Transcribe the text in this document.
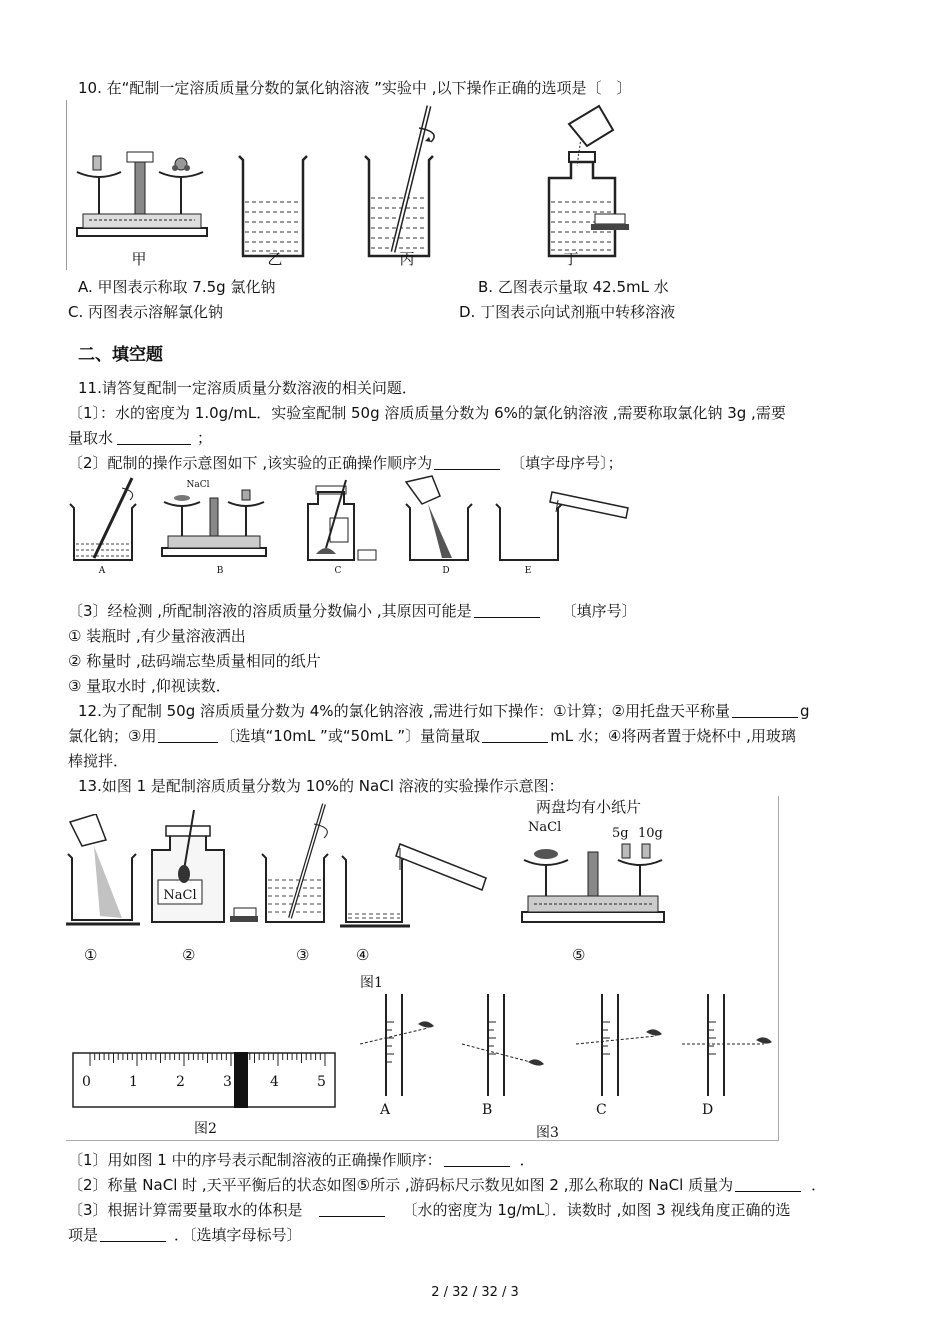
10. 在“配制一定溶质质量分数的氯化钠溶液 ”实验中 ,以下操作正确的选项是〔　〕
甲	乙	丙	丁
A. 甲图表示称取 7.5g 氯化钠	B. 乙图表示量取 42.5mL 水
C. 丙图表示溶解氯化钠	D. 丁图表示向试剂瓶中转移溶液
二、填空题
11.请答复配制一定溶质质量分数溶液的相关问题．
〔1〕：水的密度为 1.0g/mL．实验室配制 50g 溶质质量分数为 6%的氯化钠溶液 ,需要称取氯化钠 3g ,需要
量取水	；
〔2〕配制的操作示意图如下 ,该实验的正确操作顺序为	〔填字母序号〕；
NaCl
A	B	C	D	E
〔3〕经检测 ,所配制溶液的溶质质量分数偏小 ,其原因可能是	〔填序号〕
① 装瓶时 ,有少量溶液洒出
② 称量时 ,砝码端忘垫质量相同的纸片
③ 量取水时 ,仰视读数．
12.为了配制 50g 溶质质量分数为 4%的氯化钠溶液 ,需进行如下操作：①计算；②用托盘天平称量	g
氯化钠；③用	〔选填“10mL ”或“50mL ”〕量筒量取	mL 水；④将两者置于烧杯中 ,用玻璃
棒搅拌．
13.如图 1 是配制溶质质量分数为 10%的 NaCl 溶液的实验操作示意图：
NaCl
两盘均有小纸片
NaCl	5g 10g
①	②	③	④	⑤
图1
0	1	2	3	4	5
图2
A	B	C	D
图3
〔1〕用如图 1 中的序号表示配制溶液的正确操作顺序：	．
〔2〕称量 NaCl 时 ,天平平衡后的状态如图⑤所示 ,游码标尺示数见如图 2 ,那么称取的 NaCl 质量为	．
〔3〕根据计算需要量取水的体积是	〔水的密度为 1g/mL〕．读数时 ,如图 3 视线角度正确的选
项是	．〔选填字母标号〕
2 / 32 / 32 / 3
